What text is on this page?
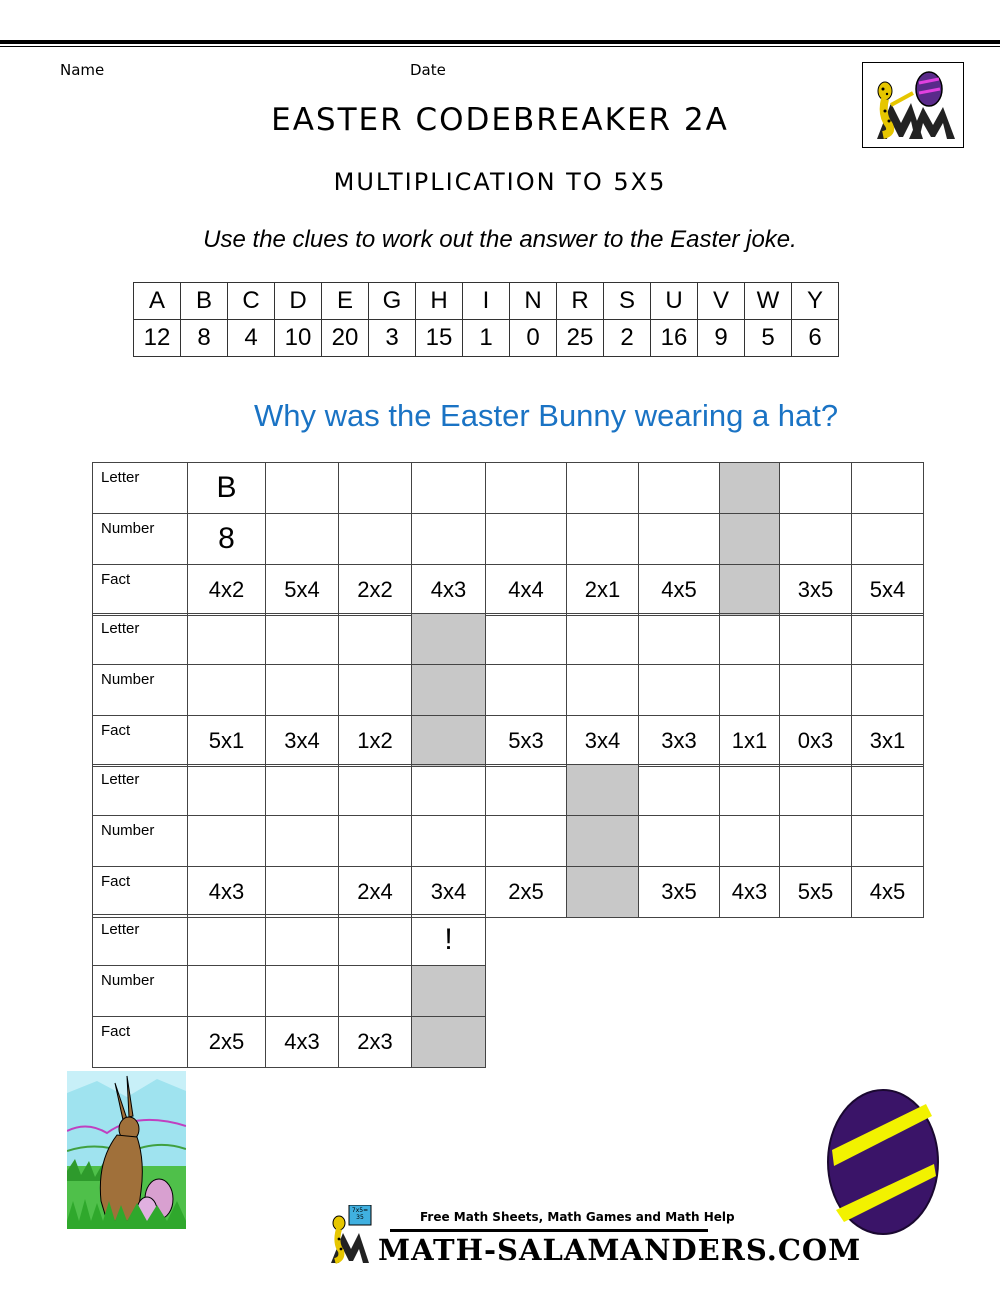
Name	Date
EASTER CODEBREAKER 2A
MULTIPLICATION TO 5X5
Use the clues to work out the answer to the Easter joke.
A	B	C	D	E	G	H	I	N	R	S	U	V	W	Y
12	8	4	10	20	3	15	1	0	25	2	16	9	5	6
Why was the Easter Bunny wearing a hat?
Letter	B									
Number	8									
Fact	4x2	5x4	2x2	4x3	4x4	2x1	4x5		3x5	5x4
Letter										
Number										
Fact	5x1	3x4	1x2		5x3	3x4	3x3	1x1	0x3	3x1
Letter										
Number										
Fact	4x3		2x4	3x4	2x5		3x5	4x3	5x5	4x5
Letter				!
Number				
Fact	2x5	4x3	2x3	
7x5= 35	Free Math Sheets, Math Games and Math Help
MATH-SALAMANDERS.COM
